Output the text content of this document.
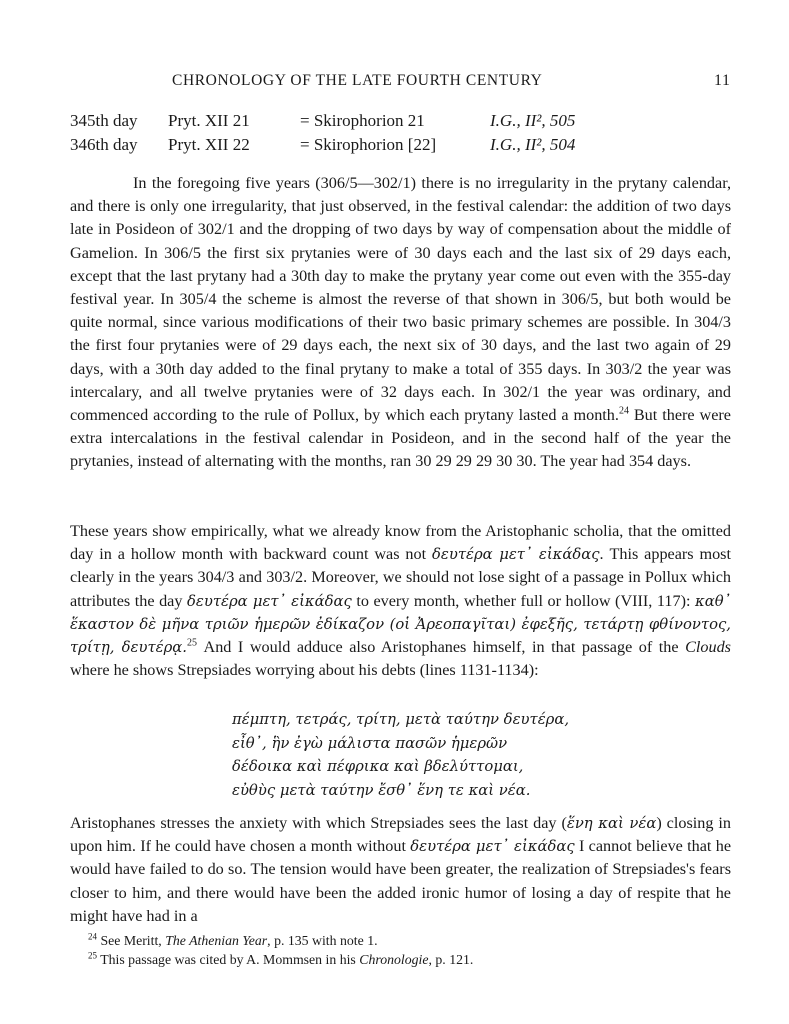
CHRONOLOGY OF THE LATE FOURTH CENTURY	11
345th day Pryt. XII 21	= Skirophorion 21	I.G., II², 505
346th day Pryt. XII 22	= Skirophorion [22]	I.G., II², 504

In the foregoing five years (306/5—302/1) there is no irregularity in the prytany calendar, and there is only one irregularity, that just observed, in the festival calendar: the addition of two days late in Posideon of 302/1 and the dropping of two days by way of compensation about the middle of Gamelion. In 306/5 the first six prytanies were of 30 days each and the last six of 29 days each, except that the last prytany had a 30th day to make the prytany year come out even with the 355-day festival year. In 305/4 the scheme is almost the reverse of that shown in 306/5, but both would be quite normal, since various modifications of their two basic primary schemes are possible. In 304/3 the first four prytanies were of 29 days each, the next six of 30 days, and the last two again of 29 days, with a 30th day added to the final prytany to make a total of 355 days. In 303/2 the year was intercalary, and all twelve prytanies were of 32 days each. In 302/1 the year was ordinary, and commenced according to the rule of Pollux, by which each prytany lasted a month.$^{24}$ But there were extra intercalations in the festival calendar in Posideon, and in the second half of the year the prytanies, instead of alternating with the months, ran 30 29 29 29 30 30. The year had 354 days.

These years show empirically, what we already know from the Aristophanic scholia, that the omitted day in a hollow month with backward count was not δευτέρα μετ᾽ εἰκάδας. This appears most clearly in the years 304/3 and 303/2. Moreover, we should not lose sight of a passage in Pollux which attributes the day δευτέρα μετ᾽ εἰκάδας to every month, whether full or hollow (VIII, 117): καθ᾽ ἕκαστον δὲ μῆνα τριῶν ἡμερῶν ἐδίκαζον (οἱ Ἀρεοπαγῖται) ἐφεξῆς, τετάρτῃ φθίνοντος, τρίτῃ, δευτέρᾳ.$^{25}$ And I would adduce also Aristophanes himself, in that passage of the Clouds where he shows Strepsiades worrying about his debts (lines 1131-1134):

πέμπτη, τετράς, τρίτη, μετὰ ταύτην δευτέρα,
εἶθ᾽, ἣν ἐγὼ μάλιστα πασῶν ἡμερῶν
δέδοικα καὶ πέφρικα καὶ βδελύττομαι,
εὐθὺς μετὰ ταύτην ἔσθ᾽ ἕνη τε καὶ νέα.

Aristophanes stresses the anxiety with which Strepsiades sees the last day (ἕνη καὶ νέα) closing in upon him. If he could have chosen a month without δευτέρα μετ᾽ εἰκάδας I cannot believe that he would have failed to do so. The tension would have been greater, the realization of Strepsiades's fears closer to him, and there would have been the added ironic humor of losing a day of respite that he might have had in a

$^{24}$ See Meritt, The Athenian Year, p. 135 with note 1.
$^{25}$ This passage was cited by A. Mommsen in his Chronologie, p. 121.
